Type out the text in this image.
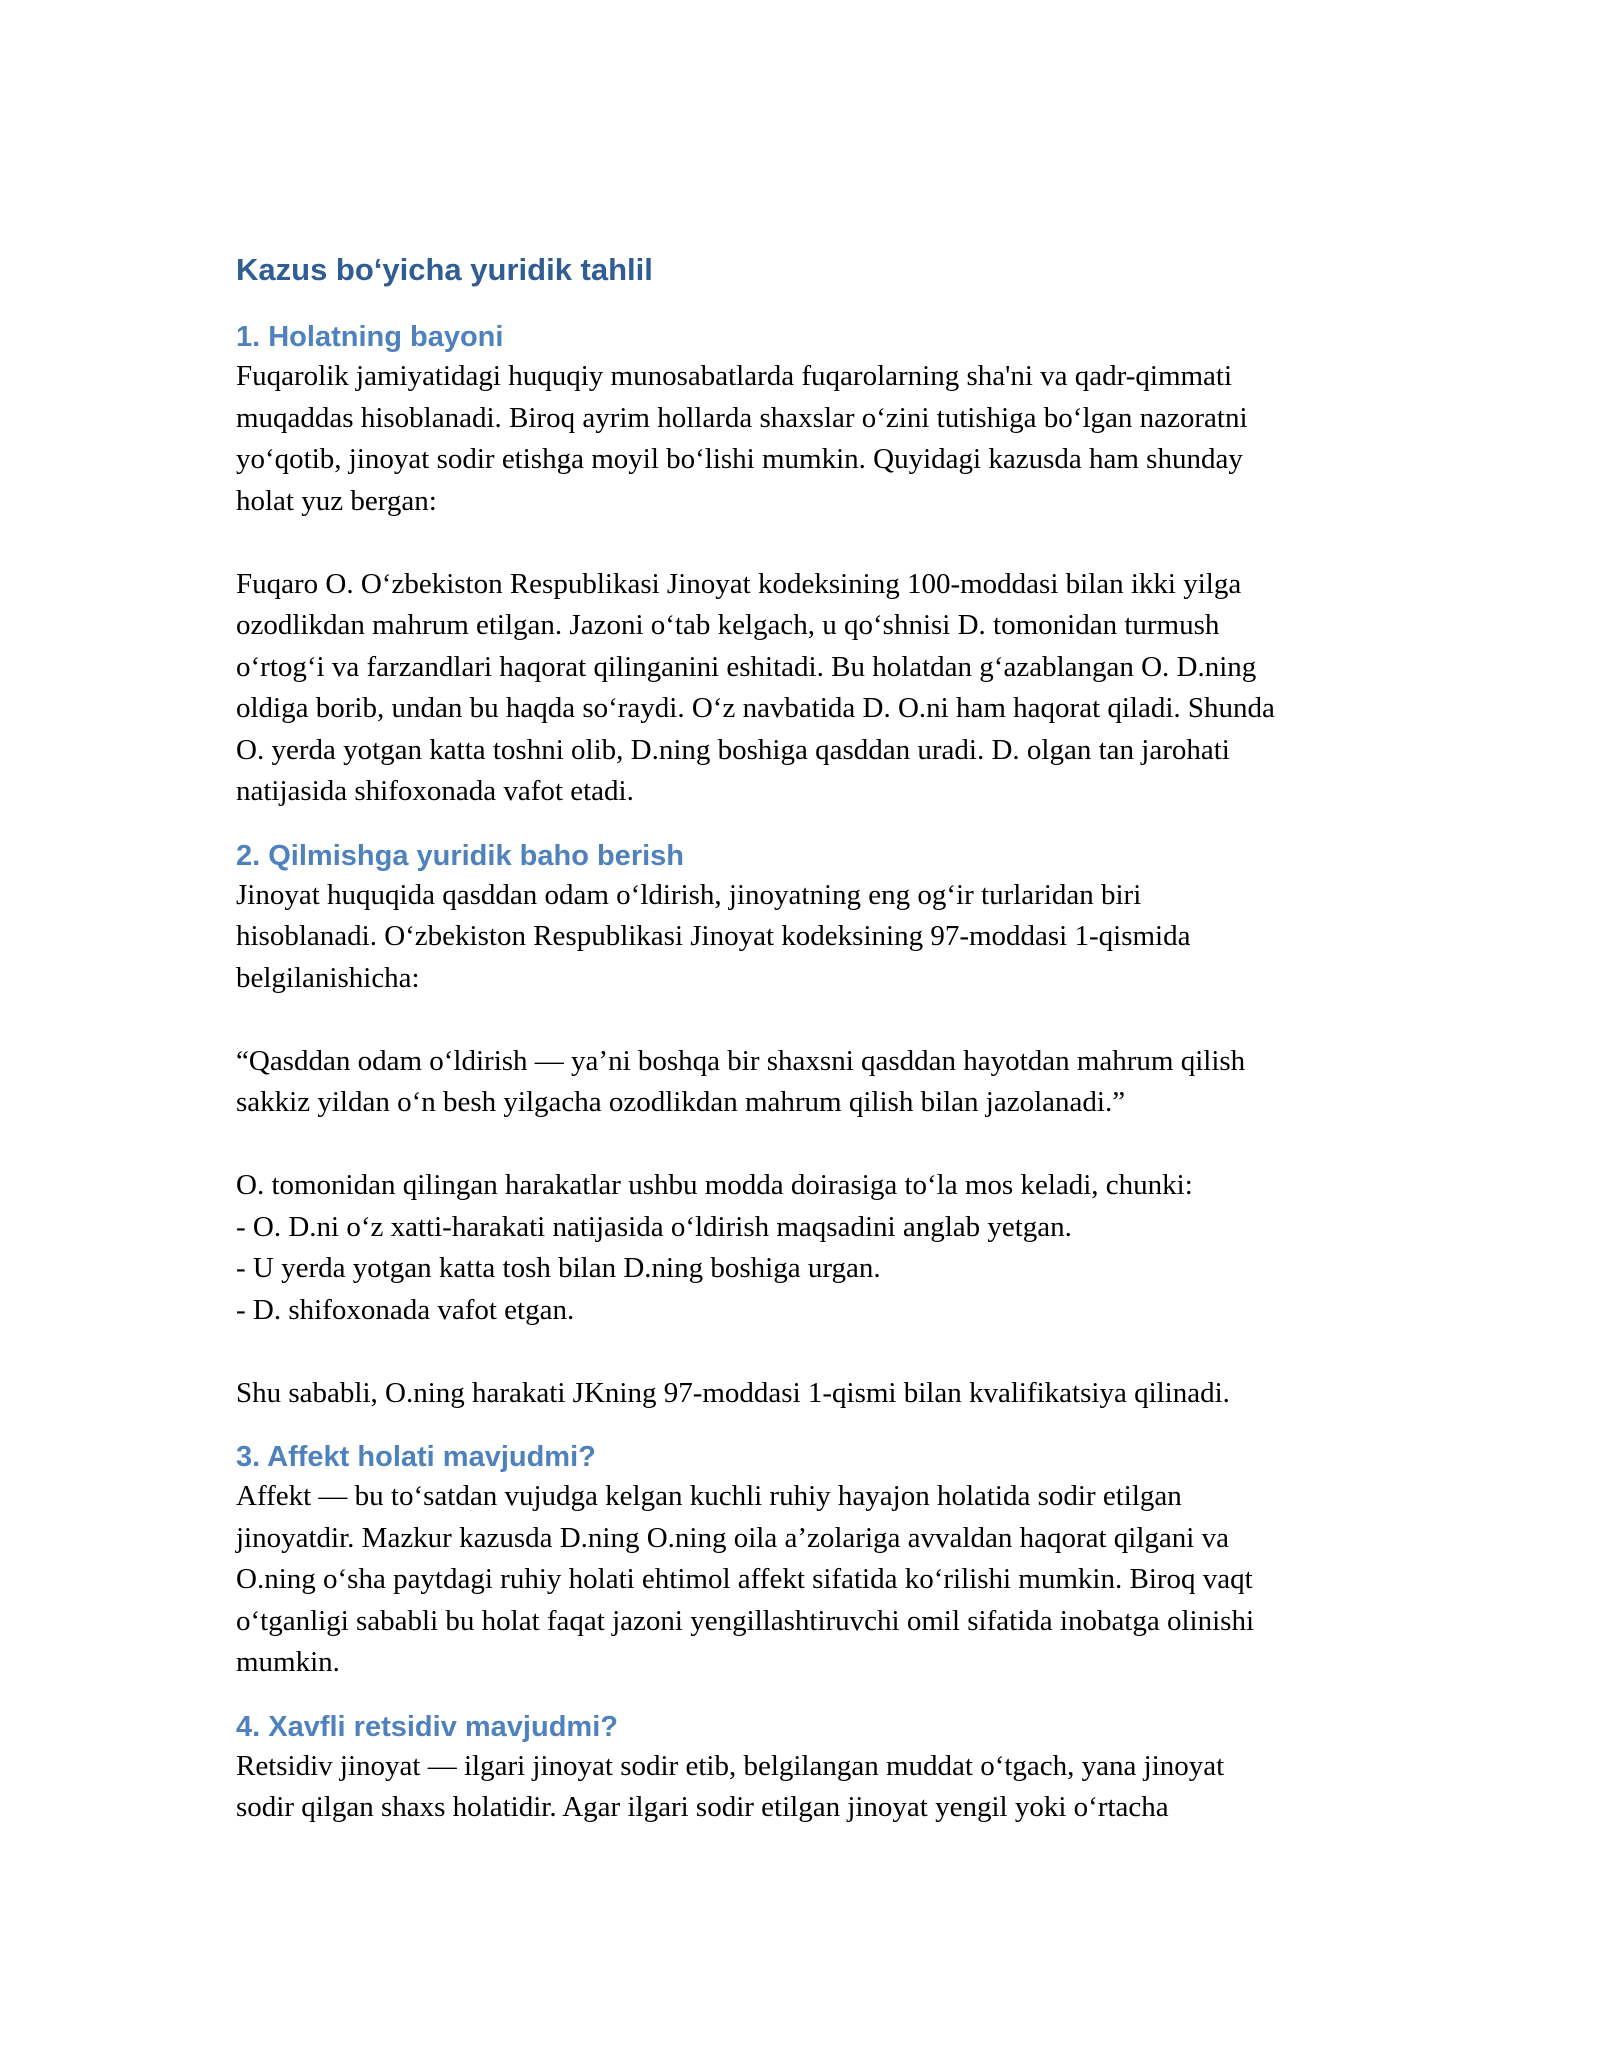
Kazus bo‘yicha yuridik tahlil
1. Holatning bayoni

Fuqarolik jamiyatidagi huquqiy munosabatlarda fuqarolarning sha'ni va qadr-qimmati
muqaddas hisoblanadi. Biroq ayrim hollarda shaxslar o‘zini tutishiga bo‘lgan nazoratni
yo‘qotib, jinoyat sodir etishga moyil bo‘lishi mumkin. Quyidagi kazusda ham shunday
holat yuz bergan:

Fuqaro O. O‘zbekiston Respublikasi Jinoyat kodeksining 100-moddasi bilan ikki yilga
ozodlikdan mahrum etilgan. Jazoni o‘tab kelgach, u qo‘shnisi D. tomonidan turmush
o‘rtog‘i va farzandlari haqorat qilinganini eshitadi. Bu holatdan g‘azablangan O. D.ning
oldiga borib, undan bu haqda so‘raydi. O‘z navbatida D. O.ni ham haqorat qiladi. Shunda
O. yerda yotgan katta toshni olib, D.ning boshiga qasddan uradi. D. olgan tan jarohati
natijasida shifoxonada vafot etadi.

2. Qilmishga yuridik baho berish

Jinoyat huquqida qasddan odam o‘ldirish, jinoyatning eng og‘ir turlaridan biri
hisoblanadi. O‘zbekiston Respublikasi Jinoyat kodeksining 97-moddasi 1-qismida
belgilanishicha:

“Qasddan odam o‘ldirish — ya’ni boshqa bir shaxsni qasddan hayotdan mahrum qilish
sakkiz yildan o‘n besh yilgacha ozodlikdan mahrum qilish bilan jazolanadi.”

O. tomonidan qilingan harakatlar ushbu modda doirasiga to‘la mos keladi, chunki:
- O. D.ni o‘z xatti-harakati natijasida o‘ldirish maqsadini anglab yetgan.
- U yerda yotgan katta tosh bilan D.ning boshiga urgan.
- D. shifoxonada vafot etgan.

Shu sababli, O.ning harakati JKning 97-moddasi 1-qismi bilan kvalifikatsiya qilinadi.

3. Affekt holati mavjudmi?

Affekt — bu to‘satdan vujudga kelgan kuchli ruhiy hayajon holatida sodir etilgan
jinoyatdir. Mazkur kazusda D.ning O.ning oila a’zolariga avvaldan haqorat qilgani va
O.ning o‘sha paytdagi ruhiy holati ehtimol affekt sifatida ko‘rilishi mumkin. Biroq vaqt
o‘tganligi sababli bu holat faqat jazoni yengillashtiruvchi omil sifatida inobatga olinishi
mumkin.

4. Xavfli retsidiv mavjudmi?

Retsidiv jinoyat — ilgari jinoyat sodir etib, belgilangan muddat o‘tgach, yana jinoyat
sodir qilgan shaxs holatidir. Agar ilgari sodir etilgan jinoyat yengil yoki o‘rtacha
